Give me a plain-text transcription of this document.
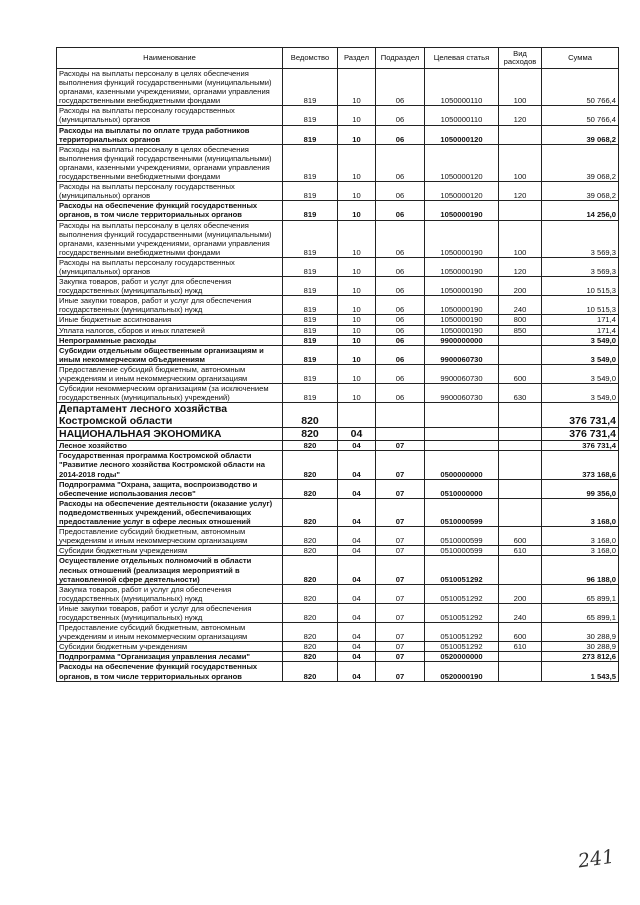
Наименование	Ведомство	Раздел	Подраздел	Целевая статья	Вид расходов	Сумма
Расходы на выплаты персоналу в целях обеспечения выполнения функций государственными (муниципальными) органами, казенными учреждениями, органами управления государственными внебюджетными фондами	819	10	06	1050000110	100	50 766,4
Расходы на выплаты персоналу государственных (муниципальных) органов	819	10	06	1050000110	120	50 766,4
Расходы на выплаты по оплате труда работников территориальных органов	819	10	06	1050000120		39 068,2
Расходы на выплаты персоналу в целях обеспечения выполнения функций государственными (муниципальными) органами, казенными учреждениями, органами управления государственными внебюджетными фондами	819	10	06	1050000120	100	39 068,2
Расходы на выплаты персоналу государственных (муниципальных) органов	819	10	06	1050000120	120	39 068,2
Расходы на обеспечение функций государственных органов, в том числе территориальных органов	819	10	06	1050000190		14 256,0
Расходы на выплаты персоналу в целях обеспечения выполнения функций государственными (муниципальными) органами, казенными учреждениями, органами управления государственными внебюджетными фондами	819	10	06	1050000190	100	3 569,3
Расходы на выплаты персоналу государственных (муниципальных) органов	819	10	06	1050000190	120	3 569,3
Закупка товаров, работ и услуг для обеспечения государственных (муниципальных) нужд	819	10	06	1050000190	200	10 515,3
Иные закупки товаров, работ и услуг для обеспечения государственных (муниципальных) нужд	819	10	06	1050000190	240	10 515,3
Иные бюджетные ассигнования	819	10	06	1050000190	800	171,4
Уплата налогов, сборов и иных платежей	819	10	06	1050000190	850	171,4
Непрограммные расходы	819	10	06	9900000000		3 549,0
Субсидии отдельным общественным организациям и иным некоммерческим объединениям	819	10	06	9900060730		3 549,0
Предоставление субсидий бюджетным, автономным учреждениям и иным некоммерческим организациям	819	10	06	9900060730	600	3 549,0
Субсидии некоммерческим организациям (за исключением государственных (муниципальных) учреждений)	819	10	06	9900060730	630	3 549,0
Департамент лесного хозяйства Костромской области	820					376 731,4
НАЦИОНАЛЬНАЯ ЭКОНОМИКА	820	04				376 731,4
Лесное хозяйство	820	04	07			376 731,4
Государственная программа Костромской области "Развитие лесного хозяйства Костромской области на 2014-2018 годы"	820	04	07	0500000000		373 168,6
Подпрограмма "Охрана, защита, воспроизводство и обеспечение использования лесов"	820	04	07	0510000000		99 356,0
Расходы на обеспечение деятельности (оказание услуг) подведомственных учреждений, обеспечивающих предоставление услуг в сфере лесных отношений	820	04	07	0510000599		3 168,0
Предоставление субсидий бюджетным, автономным учреждениям и иным некоммерческим организациям	820	04	07	0510000599	600	3 168,0
Субсидии бюджетным учреждениям	820	04	07	0510000599	610	3 168,0
Осуществление отдельных полномочий в области лесных отношений (реализация мероприятий в установленной сфере деятельности)	820	04	07	0510051292		96 188,0
Закупка товаров, работ и услуг для обеспечения государственных (муниципальных) нужд	820	04	07	0510051292	200	65 899,1
Иные закупки товаров, работ и услуг для обеспечения государственных (муниципальных) нужд	820	04	07	0510051292	240	65 899,1
Предоставление субсидий бюджетным, автономным учреждениям и иным некоммерческим организациям	820	04	07	0510051292	600	30 288,9
Субсидии бюджетным учреждениям	820	04	07	0510051292	610	30 288,9
Подпрограмма "Организация управления лесами"	820	04	07	0520000000		273 812,6
Расходы на обеспечение функций государственных органов, в том числе территориальных органов	820	04	07	0520000190		1 543,5
241
